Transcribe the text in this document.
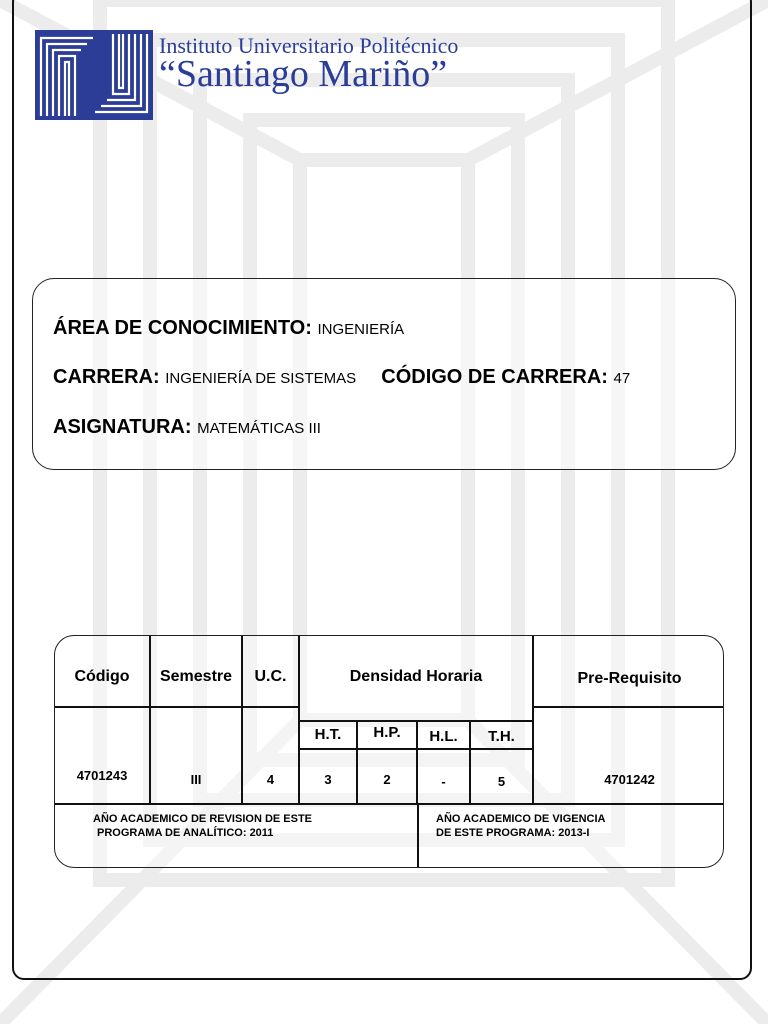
Instituto Universitario Politécnico
“Santiago Mariño”
ÁREA DE CONOCIMIENTO: INGENIERÍA
CARRERA: INGENIERÍA DE SISTEMAS CÓDIGO DE CARRERA: 47
ASIGNATURA: MATEMÁTICAS III
Código	Semestre	U.C.	Densidad Horaria	Pre-Requisito
H.T.	H.P.	H.L.	T.H.
4701243	III	4	3	2	-	5	4701242
AÑO ACADEMICO DE REVISION DE ESTE
PROGRAMA DE ANALÍTICO: 2011
AÑO ACADEMICO DE VIGENCIA
DE ESTE PROGRAMA: 2013-I
